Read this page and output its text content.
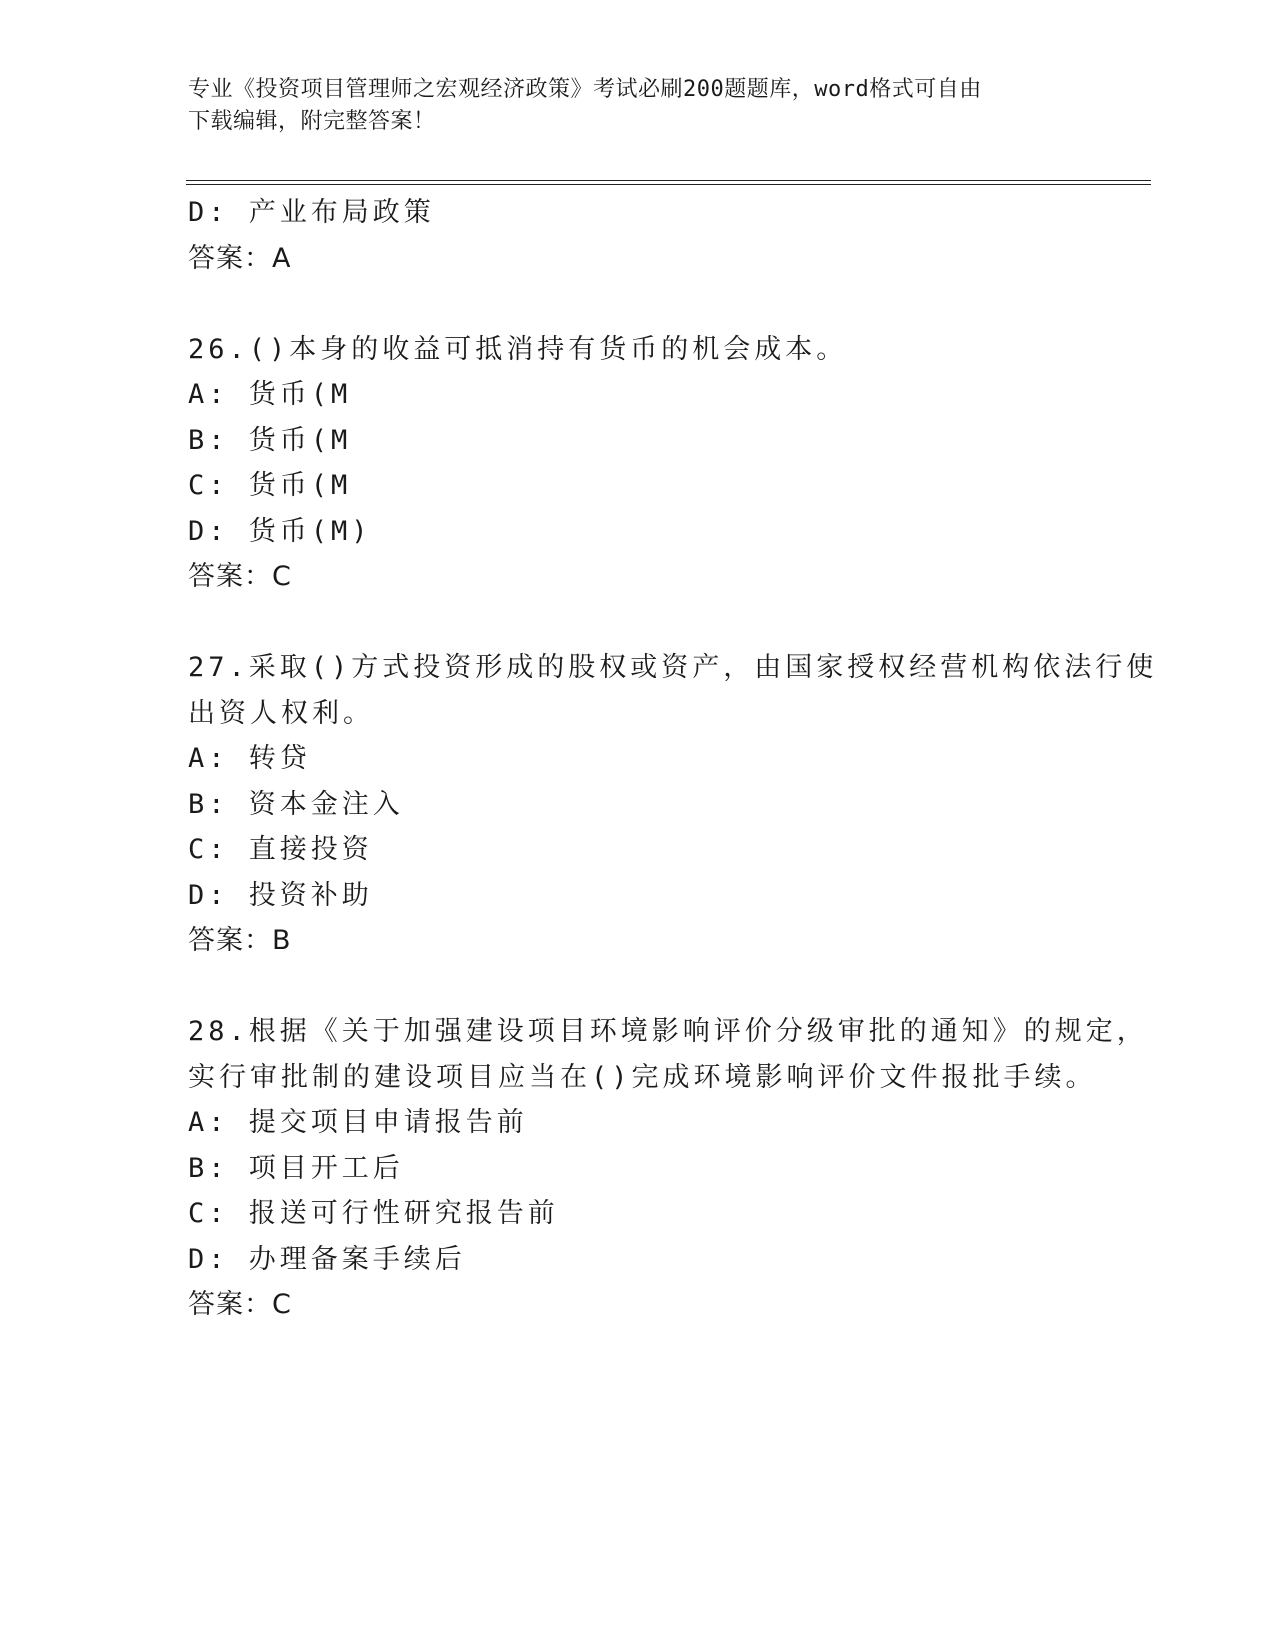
专业《投资项目管理师之宏观经济政策》考试必刷200题题库，word格式可自由
下载编辑，附完整答案！
D: 产业布局政策
答案：A
26.()本身的收益可抵消持有货币的机会成本。
A: 货币(M
B: 货币(M
C: 货币(M
D: 货币(M)
答案：C
27.采取()方式投资形成的股权或资产，由国家授权经营机构依法行使
出资人权利。
A: 转贷
B: 资本金注入
C: 直接投资
D: 投资补助
答案：B
28.根据《关于加强建设项目环境影响评价分级审批的通知》的规定，
实行审批制的建设项目应当在()完成环境影响评价文件报批手续。
A: 提交项目申请报告前
B: 项目开工后
C: 报送可行性研究报告前
D: 办理备案手续后
答案：C
